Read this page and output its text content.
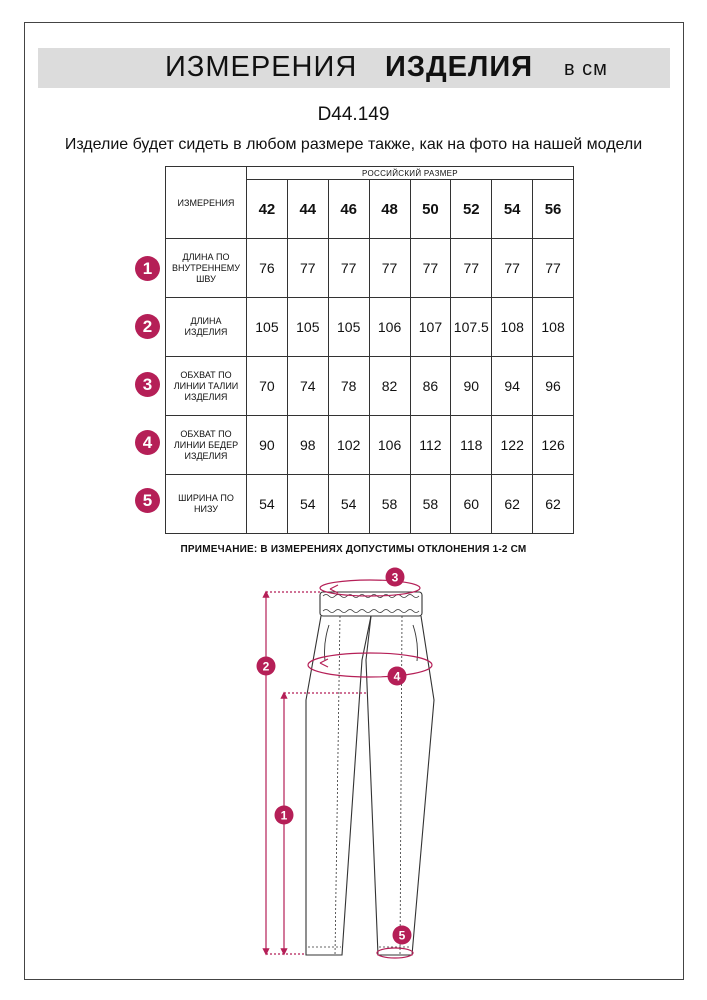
ИЗМЕРЕНИЯ ИЗДЕЛИЯ в см
D44.149
Изделие будет сидеть в любом размере также, как на фото на нашей модели
ИЗМЕРЕНИЯ	РОССИЙСКИЙ РАЗМЕР							
	42	44	46	48	50	52	54	56

ДЛИНА ПО
ВНУТРЕННЕМУ
ШВУ	76	77	77	77	77	77	77	77

ДЛИНА
ИЗДЕЛИЯ	105	105	105	106	107	107.5	108	108

ОБХВАТ ПО
ЛИНИИ ТАЛИИ
ИЗДЕЛИЯ	70	74	78	82	86	90	94	96

ОБХВАТ ПО
ЛИНИИ БЕДЕР
ИЗДЕЛИЯ	90	98	102	106	112	118	122	126

ШИРИНА ПО
НИЗУ	54	54	54	58	58	60	62	62
1
2
3
4
5
ПРИМЕЧАНИЕ: В ИЗМЕРЕНИЯХ ДОПУСТИМЫ ОТКЛОНЕНИЯ 1-2 СМ
1
2
3
4
5
